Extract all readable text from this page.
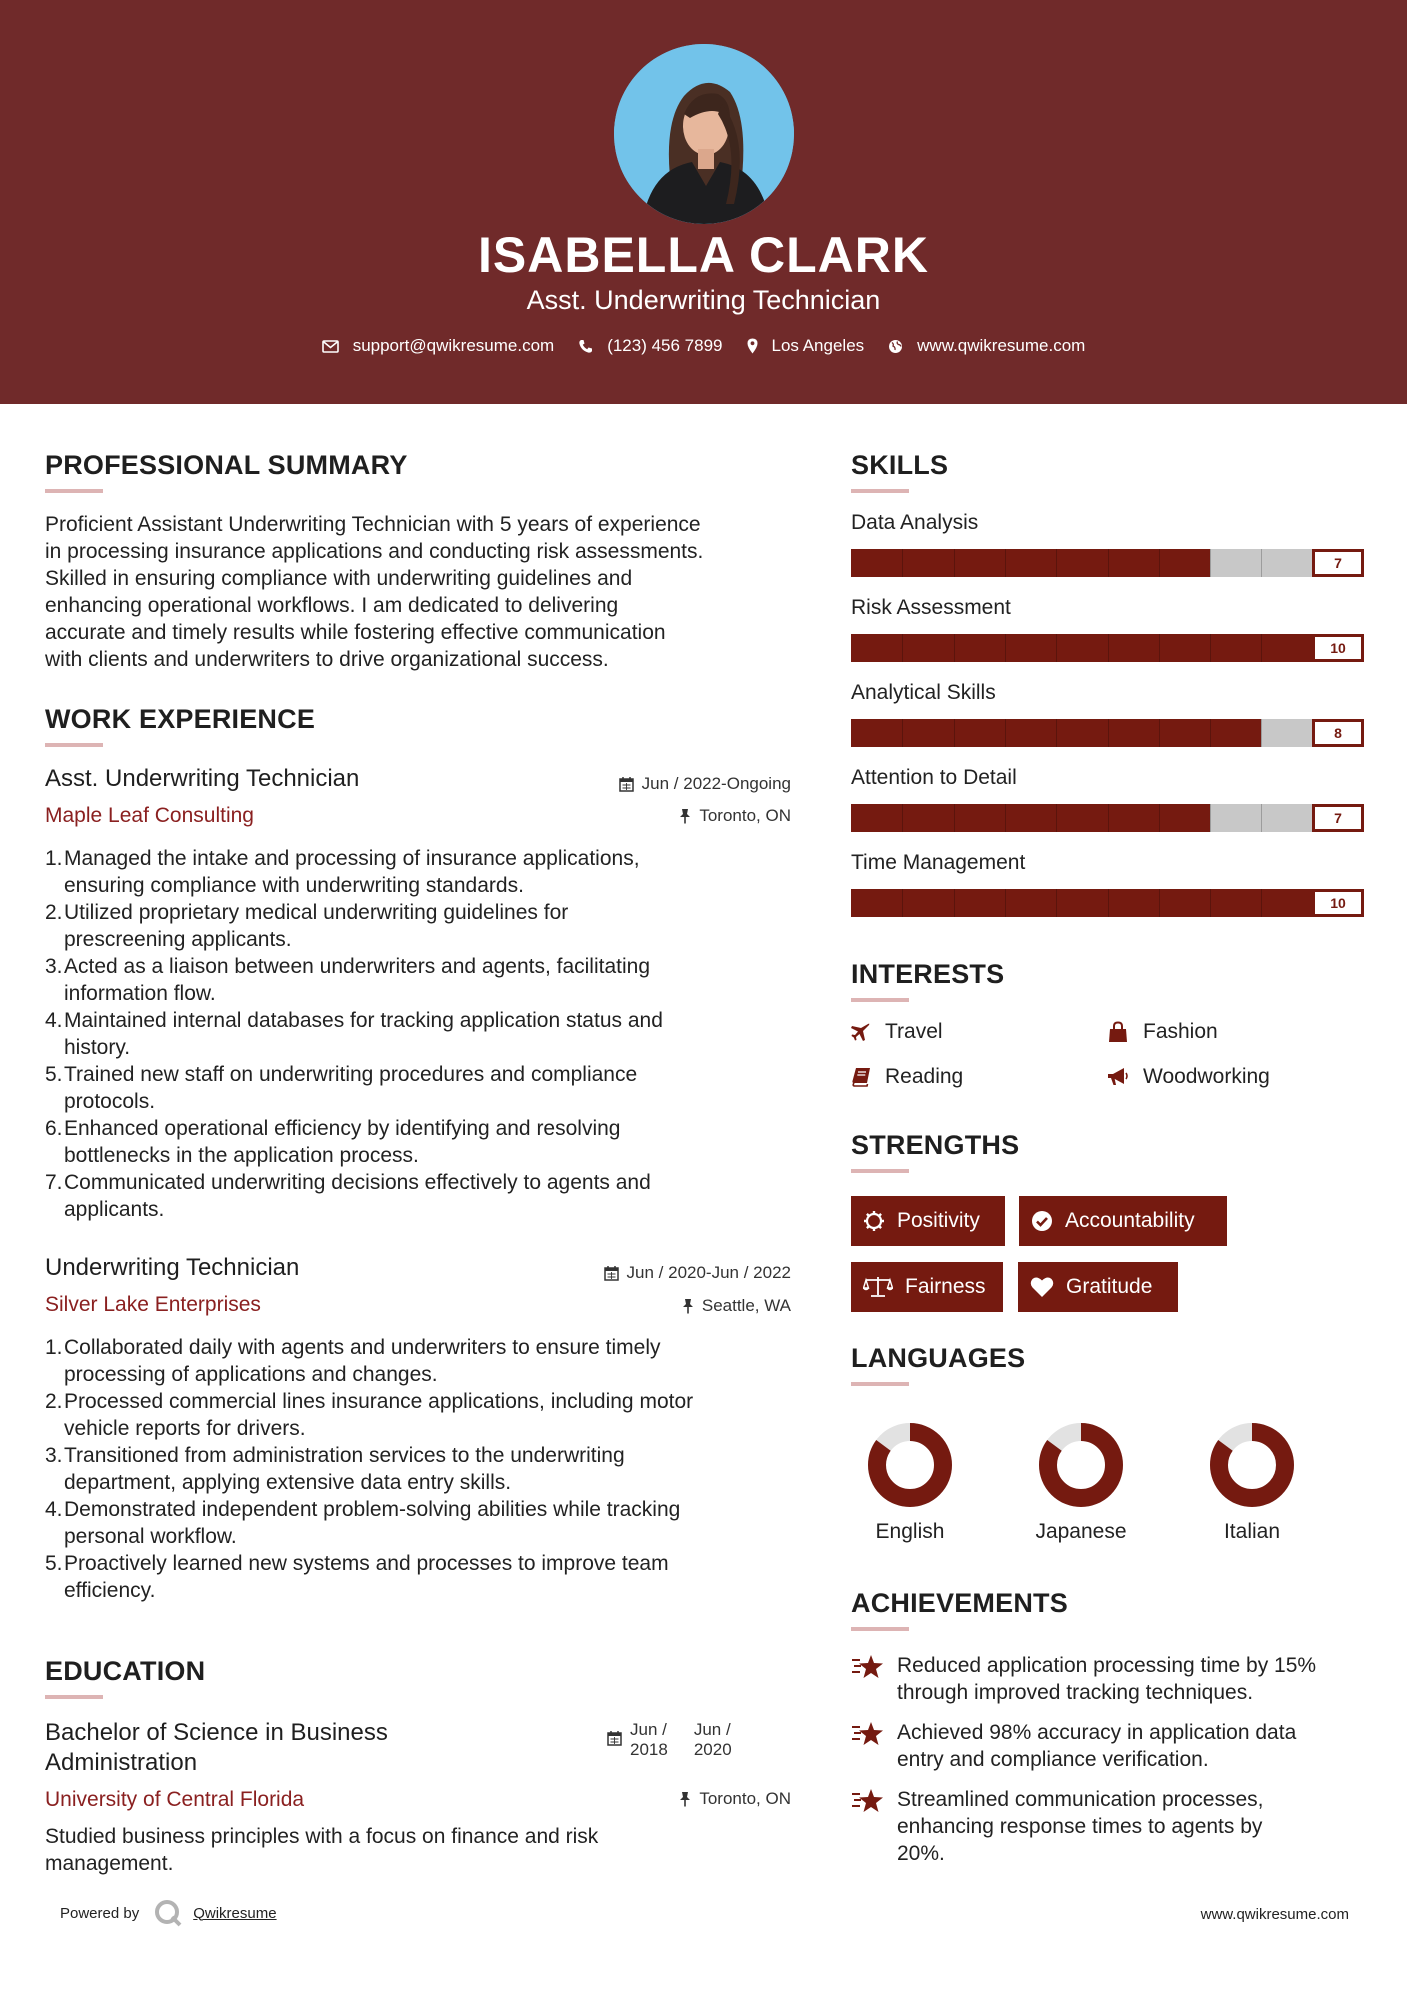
ISABELLA CLARK
Asst. Underwriting Technician
support@qwikresume.com	(123) 456 7899	Los Angeles	www.qwikresume.com
PROFESSIONAL SUMMARY
Proficient Assistant Underwriting Technician with 5 years of experience
in processing insurance applications and conducting risk assessments.
Skilled in ensuring compliance with underwriting guidelines and
enhancing operational workflows. I am dedicated to delivering
accurate and timely results while fostering effective communication
with clients and underwriters to drive organizational success.
WORK EXPERIENCE
Asst. Underwriting Technician	Jun / 2022-Ongoing
Maple Leaf Consulting	Toronto, ON
1. Managed the intake and processing of insurance applications,
ensuring compliance with underwriting standards.
2. Utilized proprietary medical underwriting guidelines for
prescreening applicants.
3. Acted as a liaison between underwriters and agents, facilitating
information flow.
4. Maintained internal databases for tracking application status and
history.
5. Trained new staff on underwriting procedures and compliance
protocols.
6. Enhanced operational efficiency by identifying and resolving
bottlenecks in the application process.
7. Communicated underwriting decisions effectively to agents and
applicants.
Underwriting Technician	Jun / 2020-Jun / 2022
Silver Lake Enterprises	Seattle, WA
1. Collaborated daily with agents and underwriters to ensure timely
processing of applications and changes.
2. Processed commercial lines insurance applications, including motor
vehicle reports for drivers.
3. Transitioned from administration services to the underwriting
department, applying extensive data entry skills.
4. Demonstrated independent problem-solving abilities while tracking
personal workflow.
5. Proactively learned new systems and processes to improve team
efficiency.
EDUCATION
Bachelor of Science in Business
Administration
Jun /
2018
Jun /
2020
University of Central Florida	Toronto, ON
Studied business principles with a focus on finance and risk
management.
SKILLS
Data Analysis
7
Risk Assessment
10
Analytical Skills
8
Attention to Detail
7
Time Management
10
INTERESTS
Travel	Fashion
Reading	Woodworking
STRENGTHS
Positivity	Accountability
Fairness	Gratitude
LANGUAGES
English	Japanese	Italian
ACHIEVEMENTS
Reduced application processing time by 15%
through improved tracking techniques.
Achieved 98% accuracy in application data
entry and compliance verification.
Streamlined communication processes,
enhancing response times to agents by
20%.
Powered by	Qwikresume	www.qwikresume.com
